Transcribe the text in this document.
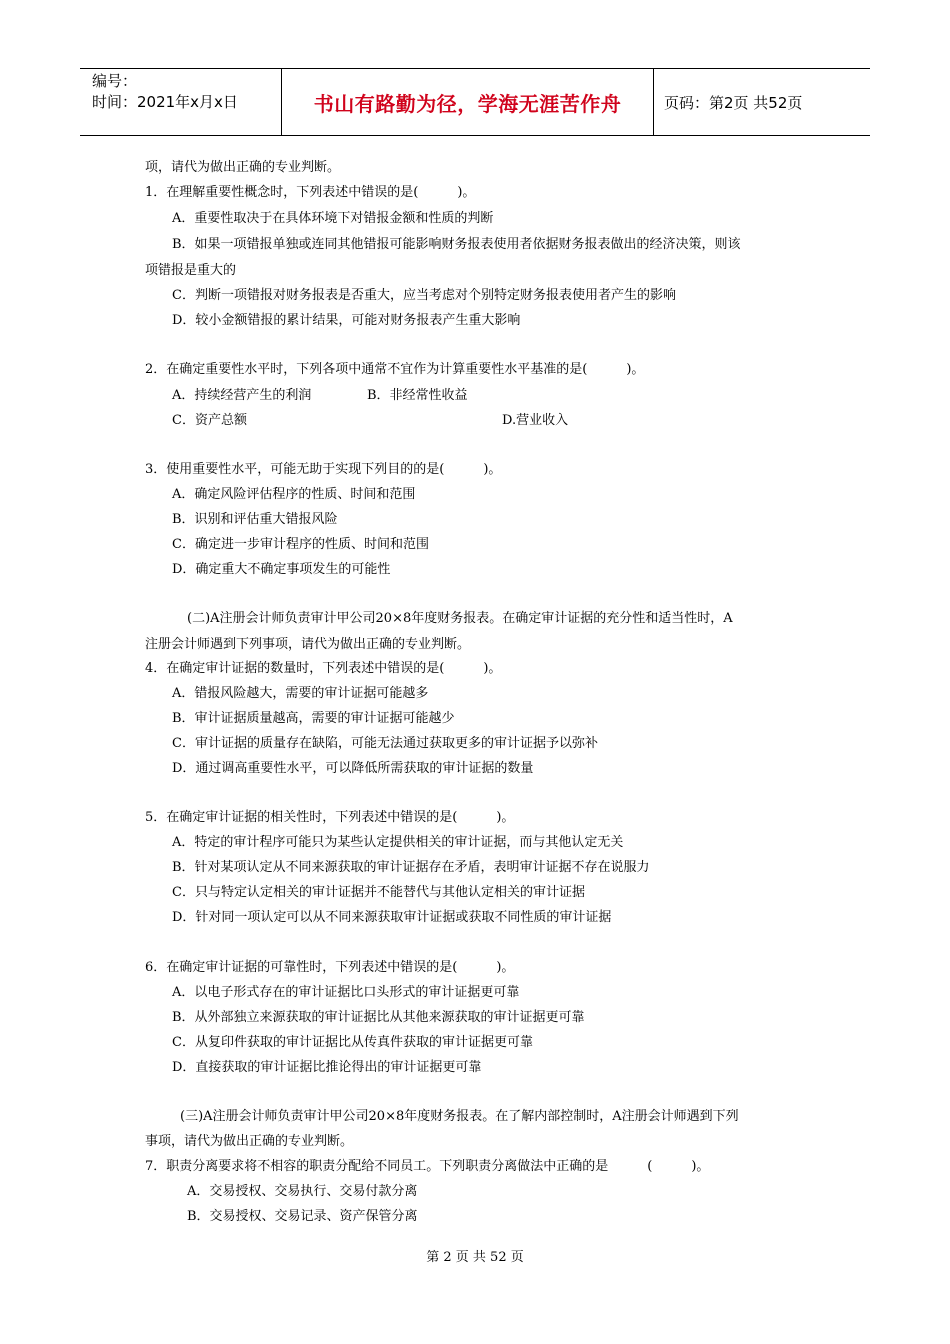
编号：
时间：2021年x月x日	书山有路勤为径，学海无涯苦作舟	页码：第2页 共52页
项，请代为做出正确的专业判断。
1．在理解重要性概念时，下列表述中错误的是(　　　)。
A．重要性取决于在具体环境下对错报金额和性质的判断
B．如果一项错报单独或连同其他错报可能影响财务报表使用者依据财务报表做出的经济决策，则该
项错报是重大的
C．判断一项错报对财务报表是否重大，应当考虑对个别特定财务报表使用者产生的影响
D．较小金额错报的累计结果，可能对财务报表产生重大影响
2．在确定重要性水平时，下列各项中通常不宜作为计算重要性水平基准的是(　　　)。
A．持续经营产生的利润	B．非经常性收益
C．资产总额	D.营业收入
3．使用重要性水平，可能无助于实现下列目的的是(　　　)。
A．确定风险评估程序的性质、时间和范围
B．识别和评估重大错报风险
C．确定进一步审计程序的性质、时间和范围
D．确定重大不确定事项发生的可能性
(二)A注册会计师负责审计甲公司20×8年度财务报表。在确定审计证据的充分性和适当性时，A
注册会计师遇到下列事项，请代为做出正确的专业判断。
4．在确定审计证据的数量时，下列表述中错误的是(　　　)。
A．错报风险越大，需要的审计证据可能越多
B．审计证据质量越高，需要的审计证据可能越少
C．审计证据的质量存在缺陷，可能无法通过获取更多的审计证据予以弥补
D．通过调高重要性水平，可以降低所需获取的审计证据的数量
5．在确定审计证据的相关性时，下列表述中错误的是(　　　)。
A．特定的审计程序可能只为某些认定提供相关的审计证据，而与其他认定无关
B．针对某项认定从不同来源获取的审计证据存在矛盾，表明审计证据不存在说服力
C．只与特定认定相关的审计证据并不能替代与其他认定相关的审计证据
D．针对同一项认定可以从不同来源获取审计证据或获取不同性质的审计证据
6．在确定审计证据的可靠性时，下列表述中错误的是(　　　)。
A．以电子形式存在的审计证据比口头形式的审计证据更可靠
B．从外部独立来源获取的审计证据比从其他来源获取的审计证据更可靠
C．从复印件获取的审计证据比从传真件获取的审计证据更可靠
D．直接获取的审计证据比推论得出的审计证据更可靠
(三)A注册会计师负责审计甲公司20×8年度财务报表。在了解内部控制时，A注册会计师遇到下列
事项，请代为做出正确的专业判断。
7．职责分离要求将不相容的职责分配给不同员工。下列职责分离做法中正确的是　　　(　　　)。
A．交易授权、交易执行、交易付款分离
B．交易授权、交易记录、资产保管分离
第 2 页 共 52 页
